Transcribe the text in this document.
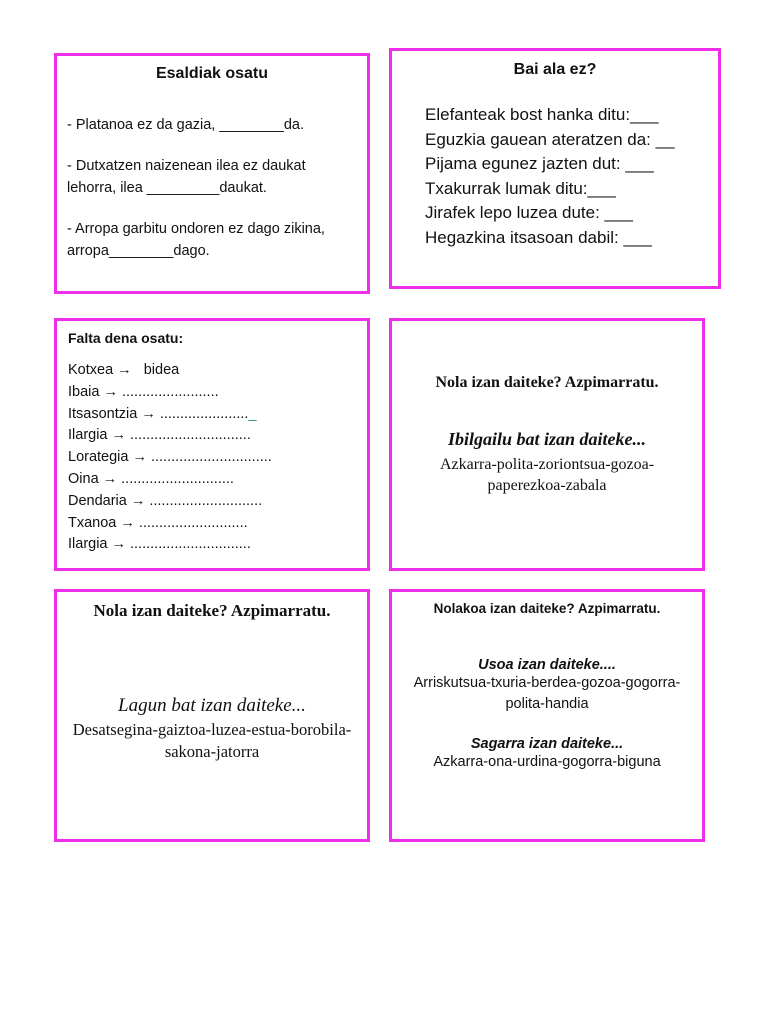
Esaldiak osatu
- Platanoa ez da gazia, ________da.
- Dutxatzen naizenean ilea ez daukat lehorra, ilea _________daukat.
- Arropa garbitu ondoren ez dago zikina, arropa________dago.
Bai ala ez?
Elefanteak bost hanka ditu:___
Eguzkia gauean ateratzen da: __
Pijama egunez jazten dut: ___
Txakurrak lumak ditu:___
Jirafek lepo luzea dute: ___
Hegazkina itsasoan dabil: ___
Falta dena osatu:
Kotxea →  bidea
Ibaia → ........................
Itsasontzia → ......................_
Ilargia → ..............................
Lorategia → ..............................
Oina → ............................
Dendaria → ............................
Txanoa → ...........................
Ilargia → ..............................
Nola izan daiteke? Azpimarratu.
Ibilgailu bat izan daiteke...
Azkarra-polita-zoriontsua-gozoa-paperezkoa-zabala
Nola izan daiteke? Azpimarratu.
Lagun bat izan daiteke...
Desatsegina-gaiztoa-luzea-estua-borobila-sakona-jatorra
Nolakoa izan daiteke? Azpimarratu.
Usoa izan daiteke....
Arriskutsua-txuria-berdea-gozoa-gogorra-polita-handia
Sagarra izan daiteke...
Azkarra-ona-urdina-gogorra-biguna
